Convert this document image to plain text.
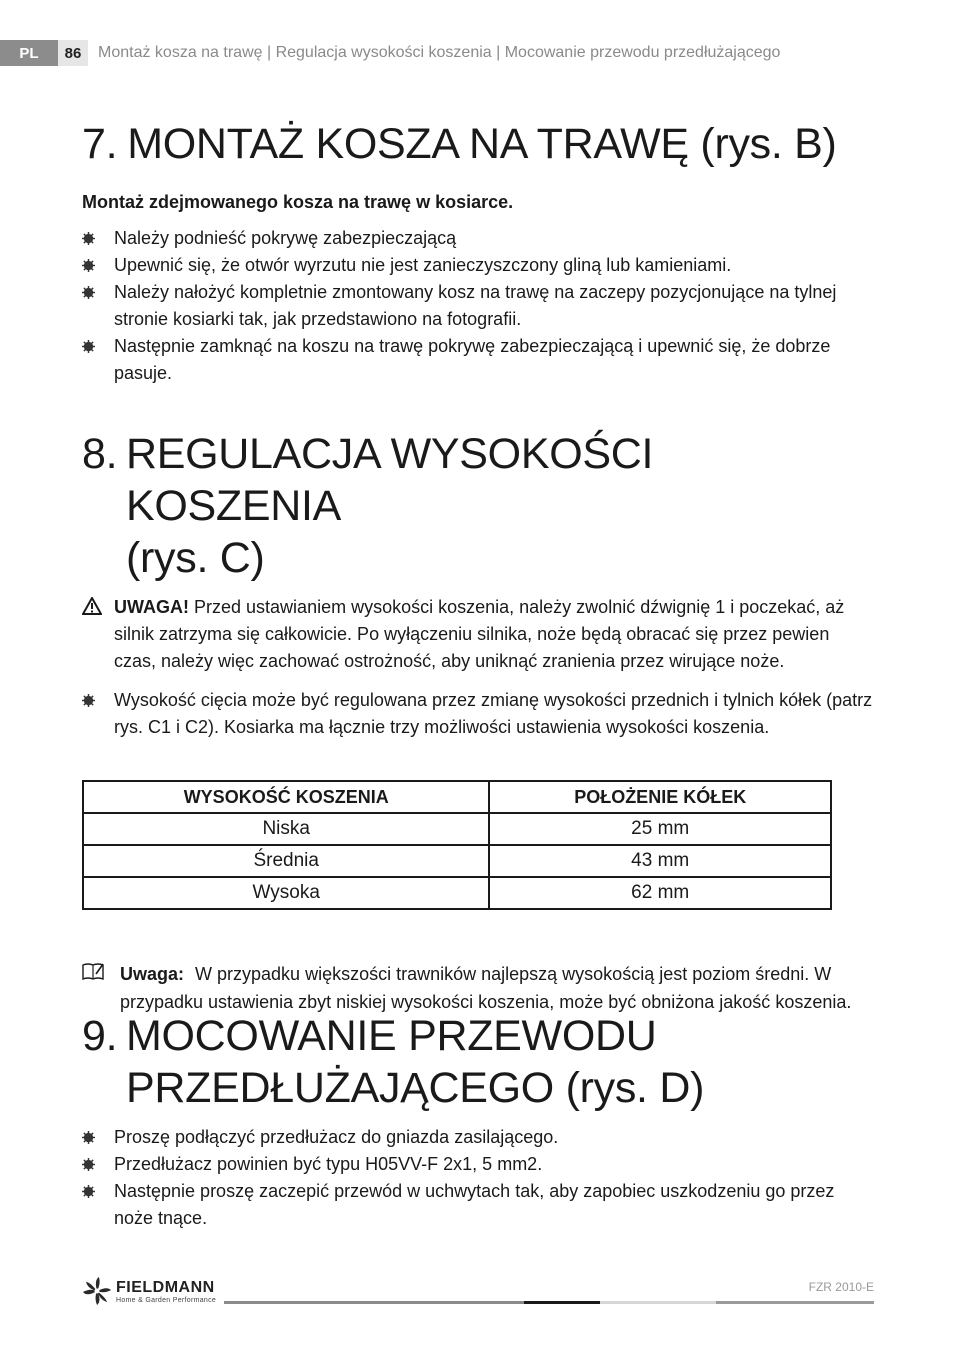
PL	86	Montaż kosza na trawę | Regulacja wysokości koszenia | Mocowanie przewodu przedłużającego
7. MONTAŻ KOSZA NA TRAWĘ (rys. B)

Montaż zdejmowanego kosza na trawę w kosiarce.

Należy podnieść pokrywę zabezpieczającą
Upewnić się, że otwór wyrzutu nie jest zanieczyszczony gliną lub kamieniami.
Należy nałożyć kompletnie zmontowany kosz na trawę na zaczepy pozycjonujące na tylnej stronie kosiarki tak, jak przedstawiono na fotografii.
Następnie zamknąć na koszu na trawę pokrywę zabezpieczającą i upewnić się, że dobrze pasuje.
8. REGULACJA WYSOKOŚCI KOSZENIA
(rys. C)
UWAGA! Przed ustawianiem wysokości koszenia, należy zwolnić dźwignię 1 i poczekać, aż silnik zatrzyma się całkowicie. Po wyłączeniu silnika, noże będą obracać się przez pewien czas, należy więc zachować ostrożność, aby uniknąć zranienia przez wirujące noże.
Wysokość cięcia może być regulowana przez zmianę wysokości przednich i tylnich kółek (patrz rys. C1 i C2). Kosiarka ma łącznie trzy możliwości ustawienia wysokości koszenia.
WYSOKOŚĆ KOSZENIA	POŁOŻENIE KÓŁEK
Niska	25 mm
Średnia	43 mm
Wysoka	62 mm
Uwaga: W przypadku większości trawników najlepszą wysokością jest poziom średni. W przypadku ustawienia zbyt niskiej wysokości koszenia, może być obniżona jakość koszenia.
9. MOCOWANIE PRZEWODU
PRZEDŁUŻAJĄCEGO (rys. D)
Proszę podłączyć przedłużacz do gniazda zasilającego.
Przedłużacz powinien być typu H05VV-F 2x1, 5 mm2.
Następnie proszę zaczepić przewód w uchwytach tak, aby zapobiec uszkodzeniu go przez noże tnące.
FIELDMANN
Home & Garden Performance
FZR 2010-E
